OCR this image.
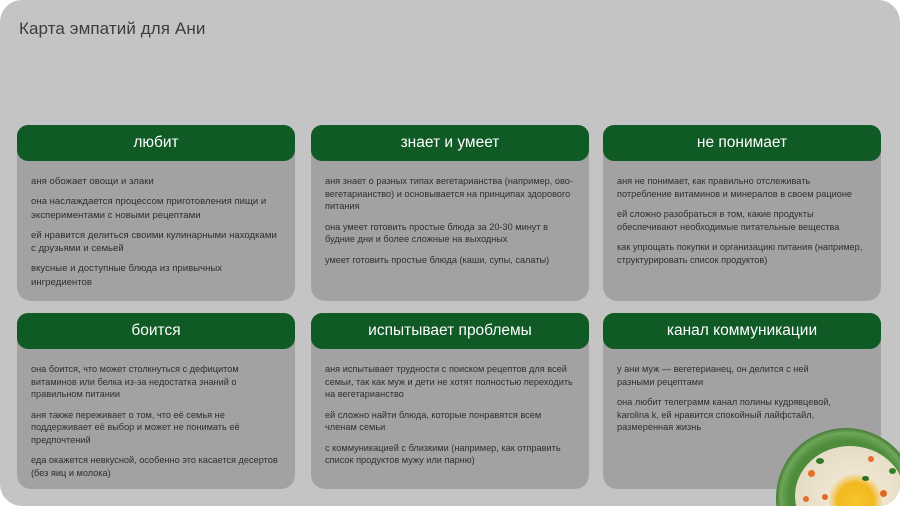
Карта эмпатий для Ани
любит

аня обожает овощи и злаки

она наслаждается процессом приготовления пищи и экспериментами с новыми рецептами

ей нравится делиться своими кулинарными находками с друзьями и семьей

вкусные и доступные блюда из привычных ингредиентов

знает и умеет

аня знает о разных типах вегетарианства (например, ово-вегетарианство) и основывается на принципах здорового питания

она умеет готовить простые блюда за 20-30 минут в будние дни и более сложные на выходных

умеет готовить простые блюда (каши, супы, салаты)

не понимает

аня не понимает, как правильно отслеживать потребление витаминов и минералов в своем рационе

ей сложно разобраться в том, какие продукты обеспечивают необходимые питательные вещества

как упрощать покупки и организацию питания (например, структурировать список продуктов)

боится

она боится, что может столкнуться с дефицитом витаминов или белка из-за недостатка знаний о правильном питании

аня также переживает о том, что её семья не поддерживает её выбор и может не понимать её предпочтений

еда окажется невкусной, особенно это касается десертов (без яиц и молока)

испытывает проблемы

аня испытывает трудности с поиском рецептов для всей семьи, так как муж и дети не хотят полностью переходить на вегетарианство

ей сложно найти блюда, которые понравятся всем членам семьи

с коммуникацией с близкими (например, как отправить список продуктов мужу или парню)

канал коммуникации

у ани муж — вегетерианец, он делится с ней разными рецептами

она любит телеграмм канал полины кудрявцевой, karolina k, ей нравится спокойный лайфстайл, размеренная жизнь
